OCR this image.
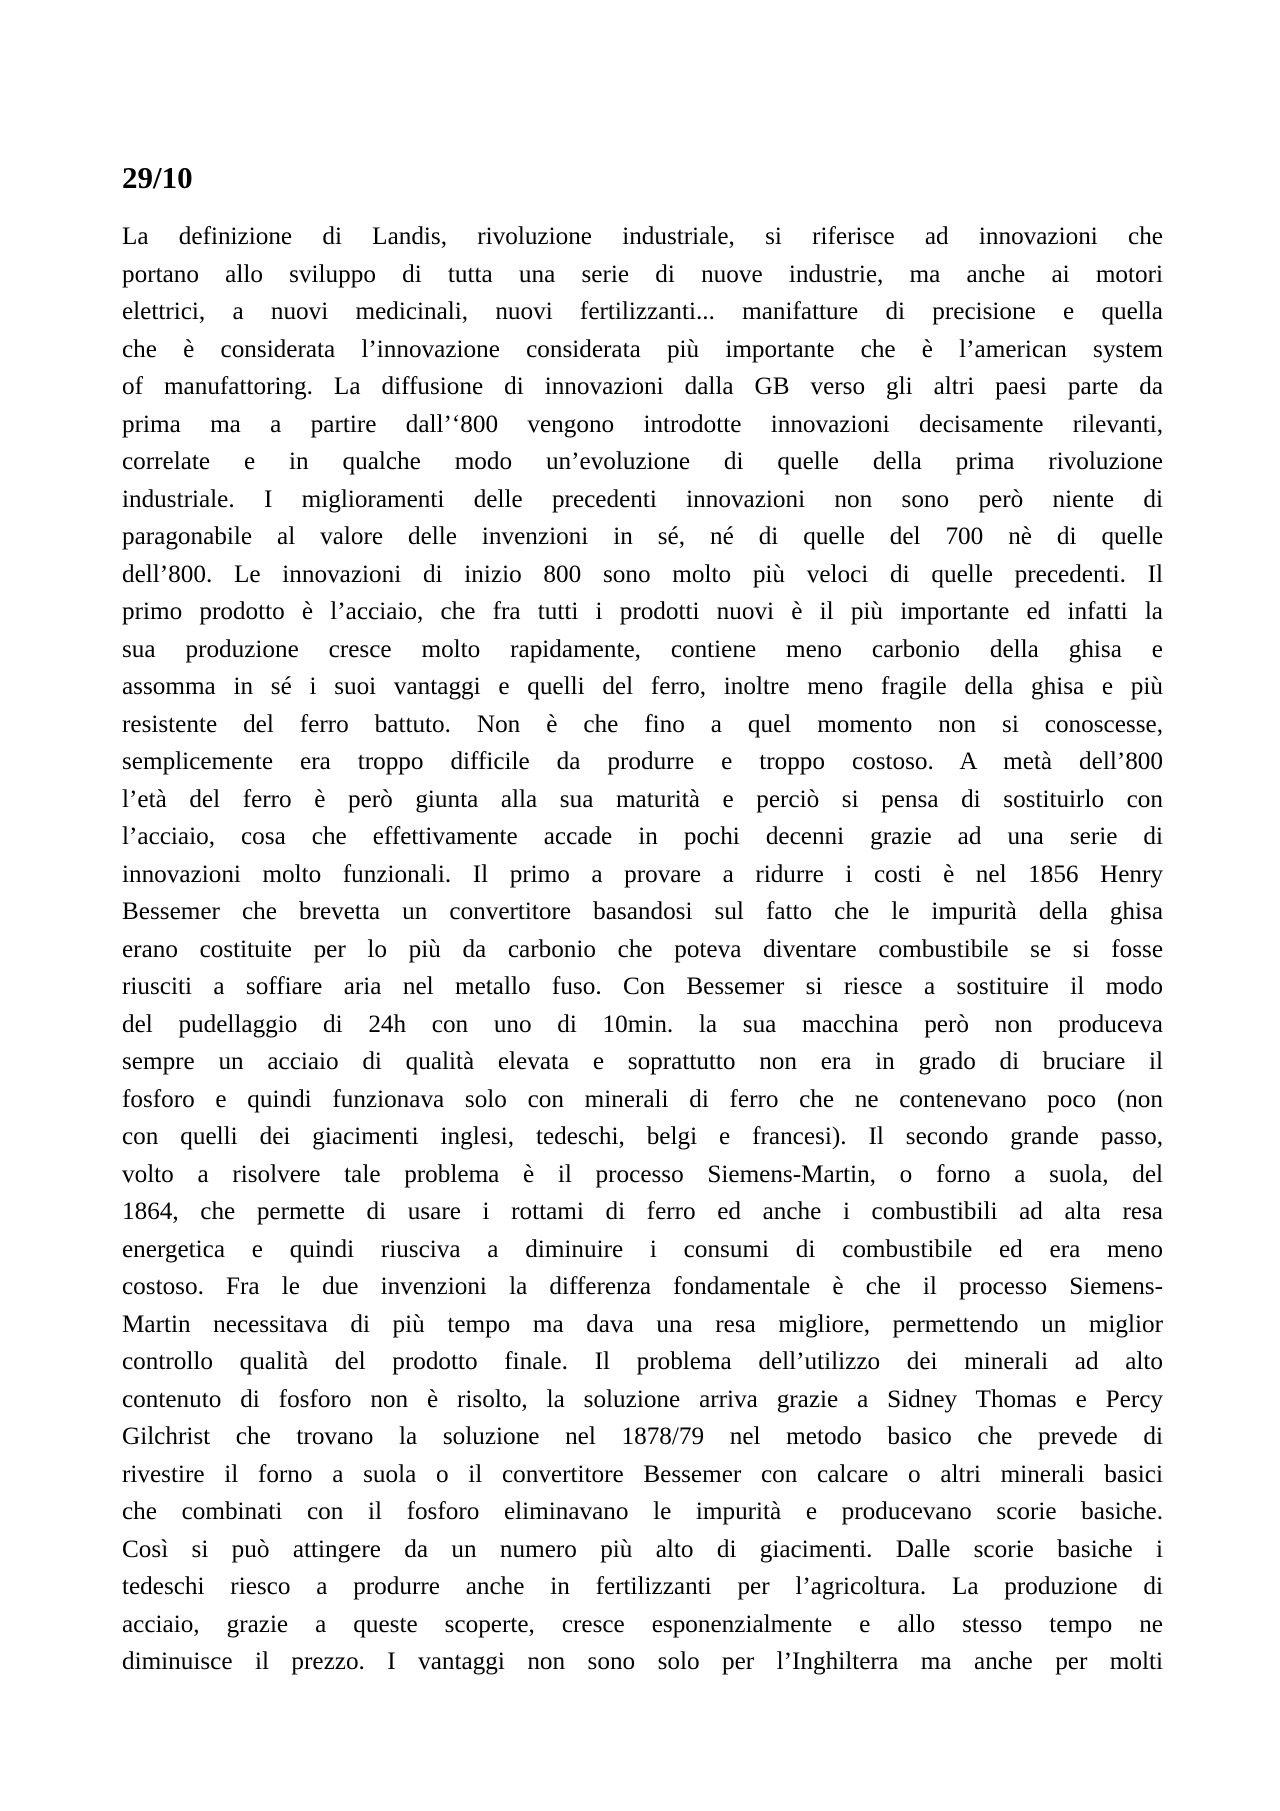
29/10
La definizione di Landis, rivoluzione industriale, si riferisce ad innovazioni che
portano allo sviluppo di tutta una serie di nuove industrie, ma anche ai motori
elettrici, a nuovi medicinali, nuovi fertilizzanti... manifatture di precisione e quella
che è considerata l’innovazione considerata più importante che è l’american system
of manufattoring. La diffusione di innovazioni dalla GB verso gli altri paesi parte da
prima ma a partire dall’‘800 vengono introdotte innovazioni decisamente rilevanti,
correlate e in qualche modo un’evoluzione di quelle della prima rivoluzione
industriale. I miglioramenti delle precedenti innovazioni non sono però niente di
paragonabile al valore delle invenzioni in sé, né di quelle del 700 nè di quelle
dell’800. Le innovazioni di inizio 800 sono molto più veloci di quelle precedenti. Il
primo prodotto è l’acciaio, che fra tutti i prodotti nuovi è il più importante ed infatti la
sua produzione cresce molto rapidamente, contiene meno carbonio della ghisa e
assomma in sé i suoi vantaggi e quelli del ferro, inoltre meno fragile della ghisa e più
resistente del ferro battuto. Non è che fino a quel momento non si conoscesse,
semplicemente era troppo difficile da produrre e troppo costoso. A metà dell’800
l’età del ferro è però giunta alla sua maturità e perciò si pensa di sostituirlo con
l’acciaio, cosa che effettivamente accade in pochi decenni grazie ad una serie di
innovazioni molto funzionali. Il primo a provare a ridurre i costi è nel 1856 Henry
Bessemer che brevetta un convertitore basandosi sul fatto che le impurità della ghisa
erano costituite per lo più da carbonio che poteva diventare combustibile se si fosse
riusciti a soffiare aria nel metallo fuso. Con Bessemer si riesce a sostituire il modo
del pudellaggio di 24h con uno di 10min. la sua macchina però non produceva
sempre un acciaio di qualità elevata e soprattutto non era in grado di bruciare il
fosforo e quindi funzionava solo con minerali di ferro che ne contenevano poco (non
con quelli dei giacimenti inglesi, tedeschi, belgi e francesi). Il secondo grande passo,
volto a risolvere tale problema è il processo Siemens-Martin, o forno a suola, del
1864, che permette di usare i rottami di ferro ed anche i combustibili ad alta resa
energetica e quindi riusciva a diminuire i consumi di combustibile ed era meno
costoso. Fra le due invenzioni la differenza fondamentale è che il processo Siemens-
Martin necessitava di più tempo ma dava una resa migliore, permettendo un miglior
controllo qualità del prodotto finale. Il problema dell’utilizzo dei minerali ad alto
contenuto di fosforo non è risolto, la soluzione arriva grazie a Sidney Thomas e Percy
Gilchrist che trovano la soluzione nel 1878/79 nel metodo basico che prevede di
rivestire il forno a suola o il convertitore Bessemer con calcare o altri minerali basici
che combinati con il fosforo eliminavano le impurità e producevano scorie basiche.
Così si può attingere da un numero più alto di giacimenti. Dalle scorie basiche i
tedeschi riesco a produrre anche in fertilizzanti per l’agricoltura. La produzione di
acciaio, grazie a queste scoperte, cresce esponenzialmente e allo stesso tempo ne
diminuisce il prezzo. I vantaggi non sono solo per l’Inghilterra ma anche per molti
